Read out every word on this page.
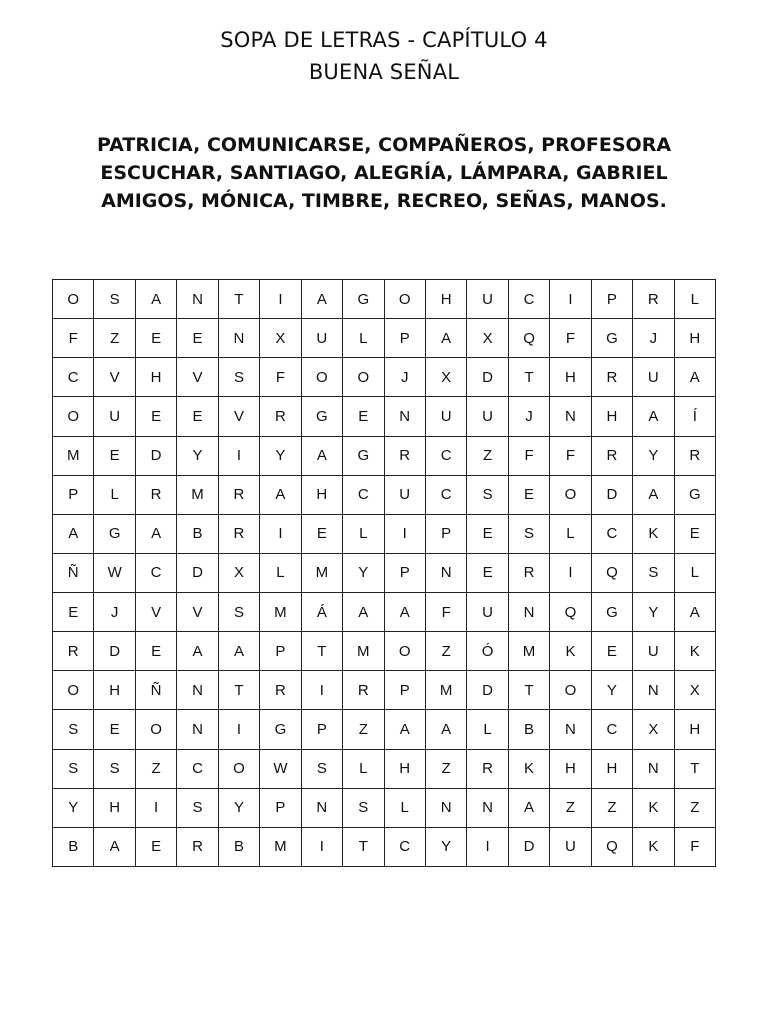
SOPA DE LETRAS - CAPÍTULO 4
BUENA SEÑAL
PATRICIA, COMUNICARSE, COMPAÑEROS, PROFESORA
ESCUCHAR, SANTIAGO, ALEGRÍA, LÁMPARA, GABRIEL
AMIGOS, MÓNICA, TIMBRE, RECREO, SEÑAS, MANOS.
O	S	A	N	T	I	A	G	O	H	U	C	I	P	R	L
F	Z	E	E	N	X	U	L	P	A	X	Q	F	G	J	H
C	V	H	V	S	F	O	O	J	X	D	T	H	R	U	A
O	U	E	E	V	R	G	E	N	U	U	J	N	H	A	Í
M	E	D	Y	I	Y	A	G	R	C	Z	F	F	R	Y	R
P	L	R	M	R	A	H	C	U	C	S	E	O	D	A	G
A	G	A	B	R	I	E	L	I	P	E	S	L	C	K	E
Ñ	W	C	D	X	L	M	Y	P	N	E	R	I	Q	S	L
E	J	V	V	S	M	Á	A	A	F	U	N	Q	G	Y	A
R	D	E	A	A	P	T	M	O	Z	Ó	M	K	E	U	K
O	H	Ñ	N	T	R	I	R	P	M	D	T	O	Y	N	X
S	E	O	N	I	G	P	Z	A	A	L	B	N	C	X	H
S	S	Z	C	O	W	S	L	H	Z	R	K	H	H	N	T
Y	H	I	S	Y	P	N	S	L	N	N	A	Z	Z	K	Z
B	A	E	R	B	M	I	T	C	Y	I	D	U	Q	K	F
